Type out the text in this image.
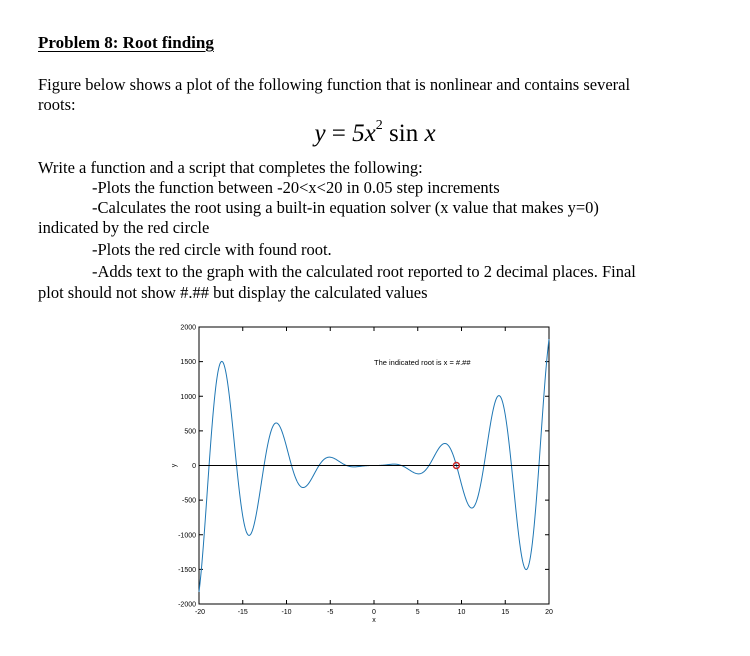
Problem 8: Root finding
Figure below shows a plot of the following function that is nonlinear and contains several
roots:
$y = 5x^2$ sin x
Write a function and a script that completes the following:
-Plots the function between -20<x<20 in 0.05 step increments
-Calculates the root using a built-in equation solver (x value that makes y=0)
indicated by the red circle
-Plots the red circle with found root.
-Adds text to the graph with the calculated root reported to 2 decimal places. Final
plot should not show #.## but display the calculated values
-20	-15	-10	-5	0	5	10	15	20
2000
1500
1000
500
0
-500
-1000
-1500
-2000
The indicated root is x = #.##
x
y
